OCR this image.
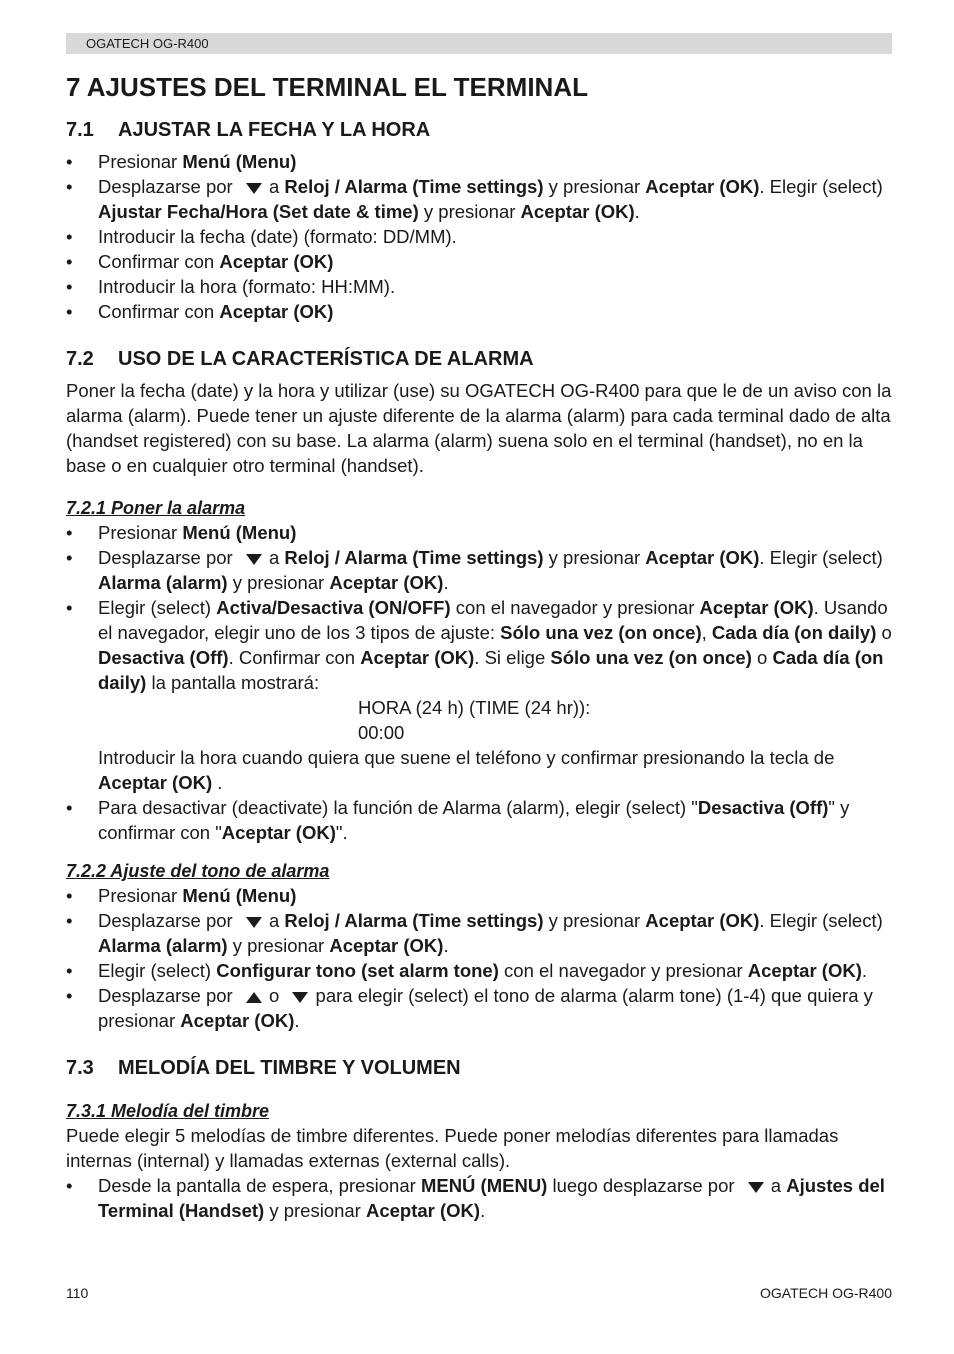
OGATECH OG-R400
7 AJUSTES DEL TERMINAL EL TERMINAL
7.1 AJUSTAR LA FECHA Y LA HORA
• Presionar Menú (Menu)
• Desplazarse por  a Reloj / Alarma (Time settings) y presionar Aceptar (OK). Elegir (select) Ajustar Fecha/Hora (Set date & time) y presionar Aceptar (OK).
• Introducir la fecha (date) (formato: DD/MM).
• Confirmar con Aceptar (OK)
• Introducir la hora (formato: HH:MM).
• Confirmar con Aceptar (OK)
7.2 USO DE LA CARACTERÍSTICA DE ALARMA

Poner la fecha (date) y la hora y utilizar (use) su OGATECH OG-R400 para que le de un aviso con la alarma (alarm). Puede tener un ajuste diferente de la alarma (alarm) para cada terminal dado de alta (handset registered) con su base. La alarma (alarm) suena solo en el terminal (handset), no en la base o en cualquier otro terminal (handset).

7.2.1 Poner la alarma
• Presionar Menú (Menu)
• Desplazarse por  a Reloj / Alarma (Time settings) y presionar Aceptar (OK). Elegir (select) Alarma (alarm) y presionar Aceptar (OK).
• Elegir (select) Activa/Desactiva (ON/OFF) con el navegador y presionar Aceptar (OK). Usando el navegador, elegir uno de los 3 tipos de ajuste: Sólo una vez (on once), Cada día (on daily) o Desactiva (Off). Confirmar con Aceptar (OK). Si elige Sólo una vez (on once) o Cada día (on daily) la pantalla mostrará:
HORA (24 h) (TIME (24 hr)):
00:00
Introducir la hora cuando quiera que suene el teléfono y confirmar presionando la tecla de Aceptar (OK) .
• Para desactivar (deactivate) la función de Alarma (alarm), elegir (select) "Desactiva (Off)" y confirmar con "Aceptar (OK)".
7.2.2 Ajuste del tono de alarma
• Presionar Menú (Menu)
• Desplazarse por  a Reloj / Alarma (Time settings) y presionar Aceptar (OK). Elegir (select) Alarma (alarm) y presionar Aceptar (OK).
• Elegir (select) Configurar tono (set alarm tone) con el navegador y presionar Aceptar (OK).
• Desplazarse por  o  para elegir (select) el tono de alarma (alarm tone) (1-4) que quiera y presionar Aceptar (OK).
7.3 MELODÍA DEL TIMBRE Y VOLUMEN
7.3.1 Melodía del timbre

Puede elegir 5 melodías de timbre diferentes. Puede poner melodías diferentes para llamadas internas (internal) y llamadas externas (external calls).

• Desde la pantalla de espera, presionar MENÚ (MENU) luego desplazarse por  a Ajustes del Terminal (Handset) y presionar Aceptar (OK).
110	OGATECH OG-R400
